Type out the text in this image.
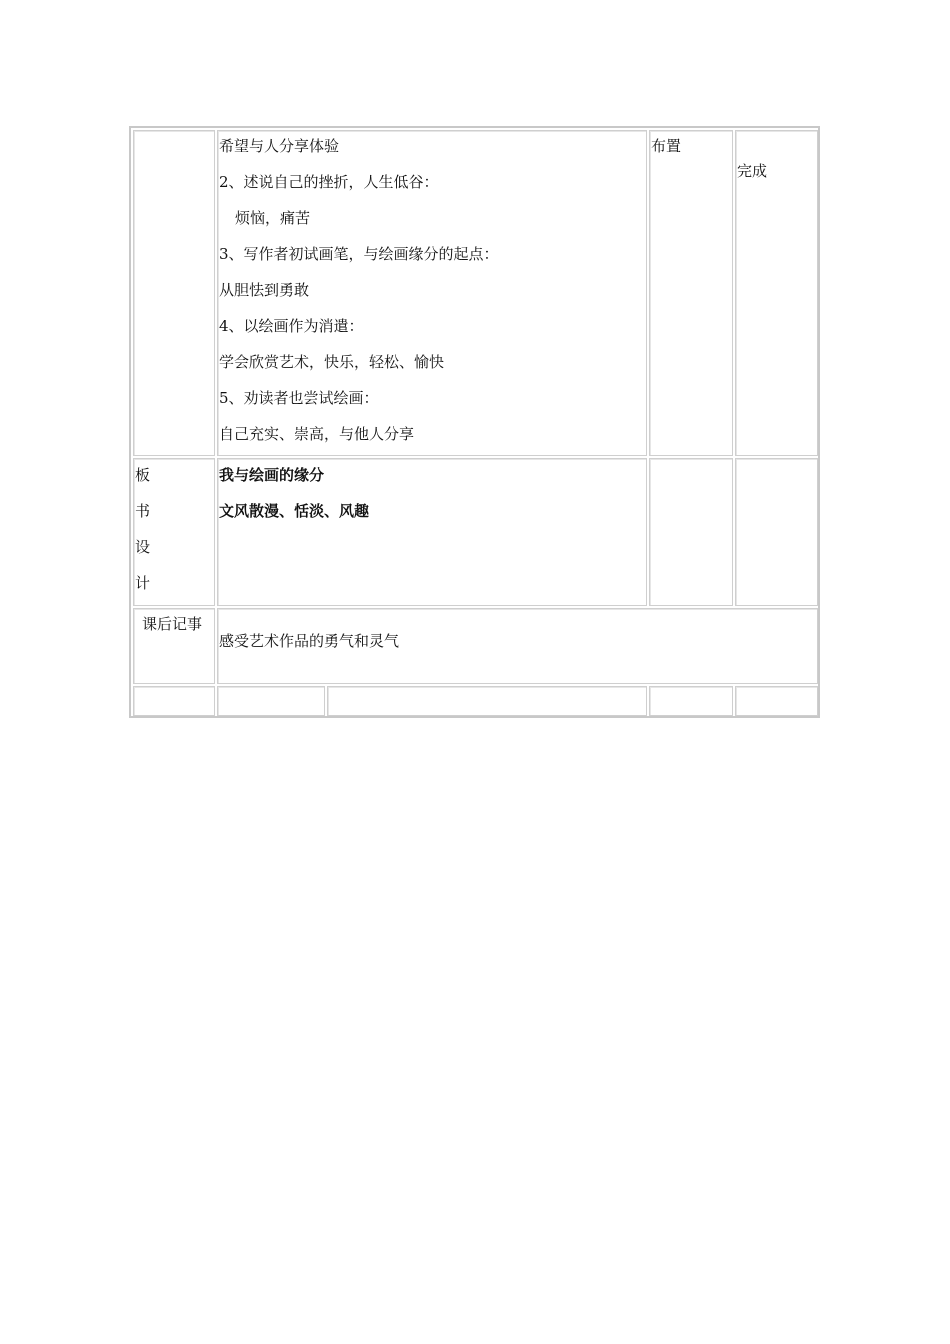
希望与人分享体验
2、述说自己的挫折，人生低谷：
烦恼，痛苦
3、写作者初试画笔，与绘画缘分的起点：
从胆怯到勇敢
4、以绘画作为消遣：
学会欣赏艺术，快乐，轻松、愉快
5、劝读者也尝试绘画：
自己充实、崇高，与他人分享
布置
完成
板
书
设
计
我与绘画的缘分
文风散漫、恬淡、风趣
课后记事
感受艺术作品的勇气和灵气
